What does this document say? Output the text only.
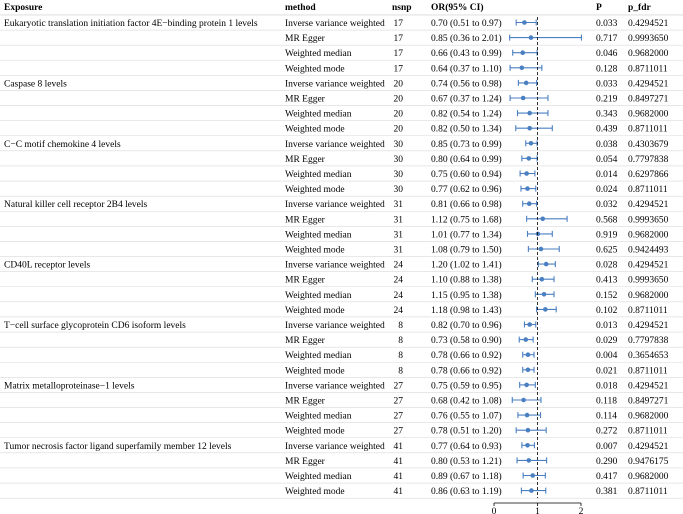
Exposure	method	nsnp OR(95% CI)	P	p_fdr
Eukaryotic translation initiation factor 4E−binding protein 1 levels	Inverse variance weighted 17	0.70 (0.51 to 0.97)	0.033 0.4294521
MR Egger	17	0.85 (0.36 to 2.01)	0.717 0.9993650
Weighted median	17	0.66 (0.43 to 0.99)	0.046 0.9682000
Weighted mode	17	0.64 (0.37 to 1.10)	0.128 0.8711011
Caspase 8 levels	Inverse variance weighted 20	0.74 (0.56 to 0.98)	0.033 0.4294521
MR Egger	20	0.67 (0.37 to 1.24)	0.219 0.8497271
Weighted median	20	0.82 (0.54 to 1.24)	0.343 0.9682000
Weighted mode	20	0.82 (0.50 to 1.34)	0.439 0.8711011
C−C motif chemokine 4 levels	Inverse variance weighted 30	0.85 (0.73 to 0.99)	0.038 0.4303679
MR Egger	30	0.80 (0.64 to 0.99)	0.054 0.7797838
Weighted median	30	0.75 (0.60 to 0.94)	0.014 0.6297866
Weighted mode	30	0.77 (0.62 to 0.96)	0.024 0.8711011
Natural killer cell receptor 2B4 levels	Inverse variance weighted 31	0.81 (0.66 to 0.98)	0.032 0.4294521
MR Egger	31	1.12 (0.75 to 1.68)	0.568 0.9993650
Weighted median	31	1.01 (0.77 to 1.34)	0.919 0.9682000
Weighted mode	31	1.08 (0.79 to 1.50)	0.625 0.9424493
CD40L receptor levels	Inverse variance weighted 24	1.20 (1.02 to 1.41)	0.028 0.4294521
MR Egger	24	1.10 (0.88 to 1.38)	0.413 0.9993650
Weighted median	24	1.15 (0.95 to 1.38)	0.152 0.9682000
Weighted mode	24	1.18 (0.98 to 1.43)	0.102 0.8711011
T−cell surface glycoprotein CD6 isoform levels	Inverse variance weighted 8	0.82 (0.70 to 0.96)	0.013 0.4294521
MR Egger	8	0.73 (0.58 to 0.90)	0.029 0.7797838
Weighted median	8	0.78 (0.66 to 0.92)	0.004 0.3654653
Weighted mode	8	0.78 (0.66 to 0.92)	0.021 0.8711011
Matrix metalloproteinase−1 levels	Inverse variance weighted 27	0.75 (0.59 to 0.95)	0.018 0.4294521
MR Egger	27	0.68 (0.42 to 1.08)	0.118 0.8497271
Weighted median	27	0.76 (0.55 to 1.07)	0.114 0.9682000
Weighted mode	27	0.78 (0.51 to 1.20)	0.272 0.8711011
Tumor necrosis factor ligand superfamily member 12 levels	Inverse variance weighted 41	0.77 (0.64 to 0.93)	0.007 0.4294521
MR Egger	41	0.80 (0.53 to 1.21)	0.290 0.9476175
Weighted median	41	0.89 (0.67 to 1.18)	0.417 0.9682000
Weighted mode	41	0.86 (0.63 to 1.19)	0.381 0.8711011
0	1	2
